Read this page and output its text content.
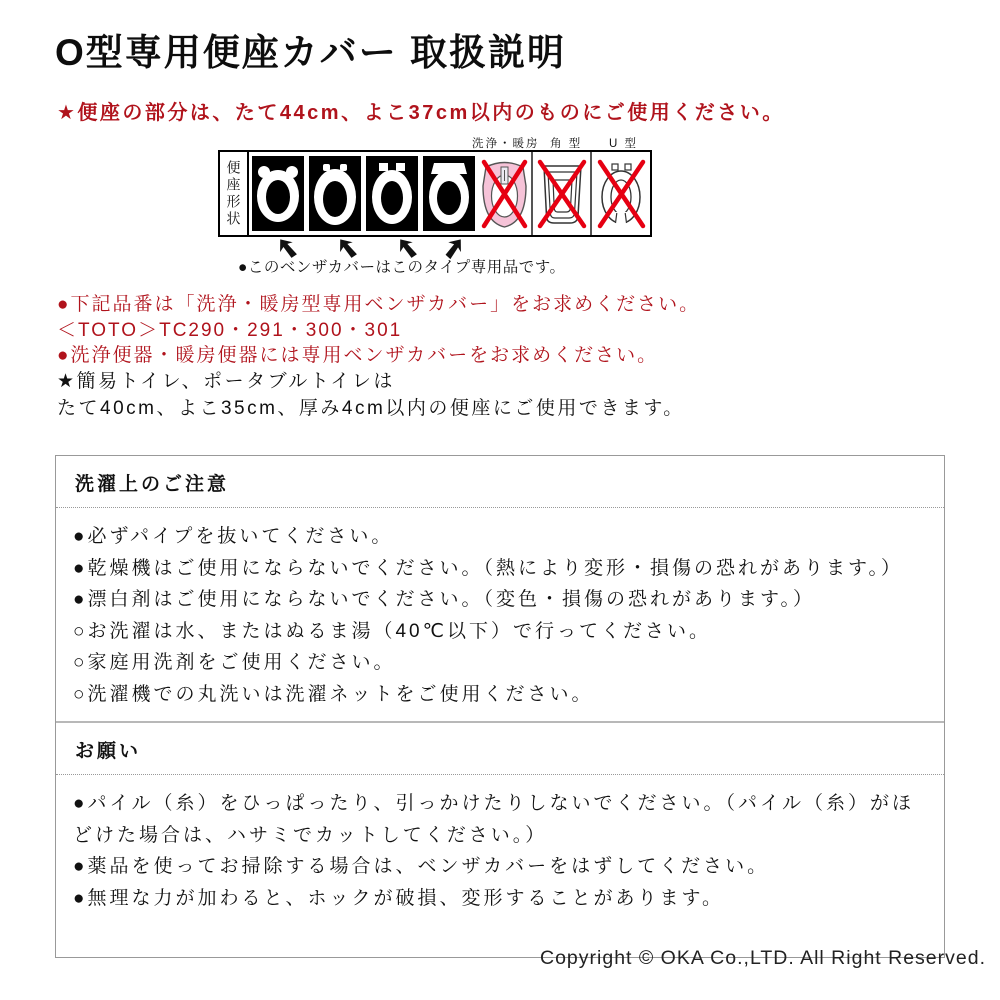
O型専用便座カバー 取扱説明
★便座の部分は、たて44cm、よこ37cm以内のものにご使用ください。
洗浄・暖房 角 型 U 型
便座形状
●このベンザカバーはこのタイプ専用品です。
●下記品番は「洗浄・暖房型専用ベンザカバー」をお求めください。
＜TOTO＞TC290・291・300・301
●洗浄便器・暖房便器には専用ベンザカバーをお求めください。
★簡易トイレ、ポータブルトイレは
たて40cm、よこ35cm、厚み4cm以内の便座にご使用できます。
洗濯上のご注意
●必ずパイプを抜いてください。
●乾燥機はご使用にならないでください。（熱により変形・損傷の恐れがあります。）
●漂白剤はご使用にならないでください。（変色・損傷の恐れがあります。）
○お洗濯は水、またはぬるま湯（40℃以下）で行ってください。
○家庭用洗剤をご使用ください。
○洗濯機での丸洗いは洗濯ネットをご使用ください。
お願い
●パイル（糸）をひっぱったり、引っかけたりしないでください。（パイル（糸）がほどけた場合は、ハサミでカットしてください。）
●薬品を使ってお掃除する場合は、ベンザカバーをはずしてください。
●無理な力が加わると、ホックが破損、変形することがあります。
Copyright © OKA Co.,LTD. All Right Reserved.
